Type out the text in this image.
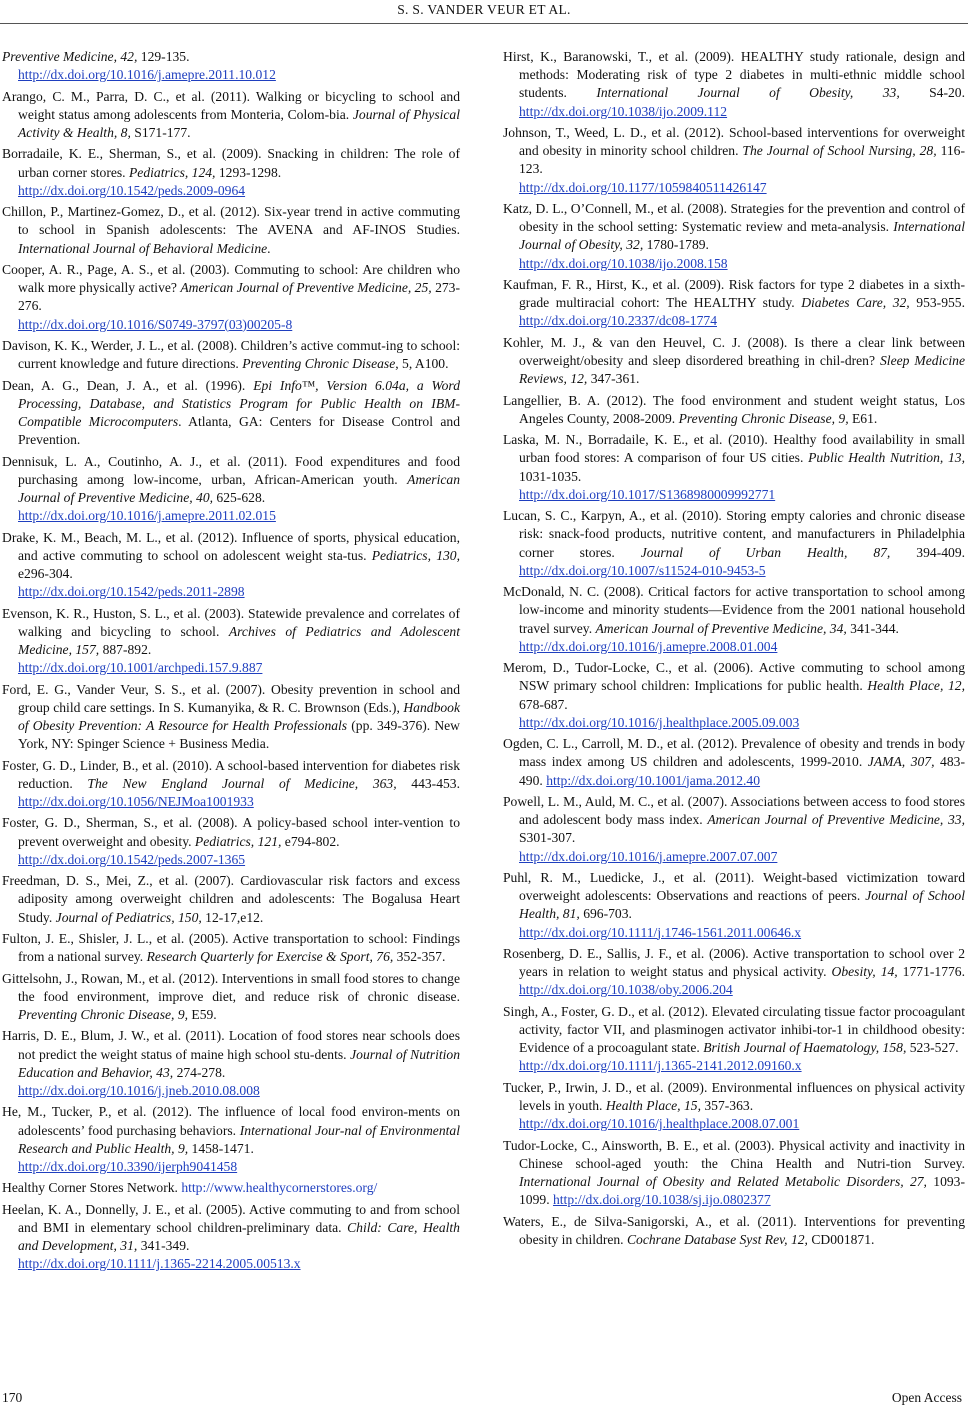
S. S. VANDER VEUR ET AL.
Preventive Medicine, 42, 129-135.
http://dx.doi.org/10.1016/j.amepre.2011.10.012
Arango, C. M., Parra, D. C., et al. (2011). Walking or bicycling to school and weight status among adolescents from Monteria, Colom-bia. Journal of Physical Activity & Health, 8, S171-177.
Borradaile, K. E., Sherman, S., et al. (2009). Snacking in children: The role of urban corner stores. Pediatrics, 124, 1293-1298.
http://dx.doi.org/10.1542/peds.2009-0964
Chillon, P., Martinez-Gomez, D., et al. (2012). Six-year trend in active commuting to school in Spanish adolescents: The AVENA and AF-INOS Studies. International Journal of Behavioral Medicine.
Cooper, A. R., Page, A. S., et al. (2003). Commuting to school: Are children who walk more physically active? American Journal of Preventive Medicine, 25, 273-276.
http://dx.doi.org/10.1016/S0749-3797(03)00205-8
Davison, K. K., Werder, J. L., et al. (2008). Children’s active commut-ing to school: current knowledge and future directions. Preventing Chronic Disease, 5, A100.
Dean, A. G., Dean, J. A., et al. (1996). Epi Info™, Version 6.04a, a Word Processing, Database, and Statistics Program for Public Health on IBM-Compatible Microcomputers. Atlanta, GA: Centers for Disease Control and Prevention.
Dennisuk, L. A., Coutinho, A. J., et al. (2011). Food expenditures and food purchasing among low-income, urban, African-American youth. American Journal of Preventive Medicine, 40, 625-628.
http://dx.doi.org/10.1016/j.amepre.2011.02.015
Drake, K. M., Beach, M. L., et al. (2012). Influence of sports, physical education, and active commuting to school on adolescent weight sta-tus. Pediatrics, 130, e296-304.
http://dx.doi.org/10.1542/peds.2011-2898
Evenson, K. R., Huston, S. L., et al. (2003). Statewide prevalence and correlates of walking and bicycling to school. Archives of Pediatrics and Adolescent Medicine, 157, 887-892.
http://dx.doi.org/10.1001/archpedi.157.9.887
Ford, E. G., Vander Veur, S. S., et al. (2007). Obesity prevention in school and group child care settings. In S. Kumanyika, & R. C. Brownson (Eds.), Handbook of Obesity Prevention: A Resource for Health Professionals (pp. 349-376). New York, NY: Spinger Science + Business Media.
Foster, G. D., Linder, B., et al. (2010). A school-based intervention for diabetes risk reduction. The New England Journal of Medicine, 363, 443-453. http://dx.doi.org/10.1056/NEJMoa1001933
Foster, G. D., Sherman, S., et al. (2008). A policy-based school inter-vention to prevent overweight and obesity. Pediatrics, 121, e794-802.
http://dx.doi.org/10.1542/peds.2007-1365
Freedman, D. S., Mei, Z., et al. (2007). Cardiovascular risk factors and excess adiposity among overweight children and adolescents: The Bogalusa Heart Study. Journal of Pediatrics, 150, 12-17,e12.
Fulton, J. E., Shisler, J. L., et al. (2005). Active transportation to school: Findings from a national survey. Research Quarterly for Exercise & Sport, 76, 352-357.
Gittelsohn, J., Rowan, M., et al. (2012). Interventions in small food stores to change the food environment, improve diet, and reduce risk of chronic disease. Preventing Chronic Disease, 9, E59.
Harris, D. E., Blum, J. W., et al. (2011). Location of food stores near schools does not predict the weight status of maine high school stu-dents. Journal of Nutrition Education and Behavior, 43, 274-278.
http://dx.doi.org/10.1016/j.jneb.2010.08.008
He, M., Tucker, P., et al. (2012). The influence of local food environ-ments on adolescents’ food purchasing behaviors. International Jour-nal of Environmental Research and Public Health, 9, 1458-1471.
http://dx.doi.org/10.3390/ijerph9041458
Healthy Corner Stores Network. http://www.healthycornerstores.org/
Heelan, K. A., Donnelly, J. E., et al. (2005). Active commuting to and from school and BMI in elementary school children-preliminary data. Child: Care, Health and Development, 31, 341-349.
http://dx.doi.org/10.1111/j.1365-2214.2005.00513.x
Hirst, K., Baranowski, T., et al. (2009). HEALTHY study rationale, design and methods: Moderating risk of type 2 diabetes in multi-ethnic middle school students. International Journal of Obesity, 33, S4-20. http://dx.doi.org/10.1038/ijo.2009.112
Johnson, T., Weed, L. D., et al. (2012). School-based interventions for overweight and obesity in minority school children. The Journal of School Nursing, 28, 116-123.
http://dx.doi.org/10.1177/1059840511426147
Katz, D. L., O’Connell, M., et al. (2008). Strategies for the prevention and control of obesity in the school setting: Systematic review and meta-analysis. International Journal of Obesity, 32, 1780-1789.
http://dx.doi.org/10.1038/ijo.2008.158
Kaufman, F. R., Hirst, K., et al. (2009). Risk factors for type 2 diabetes in a sixth-grade multiracial cohort: The HEALTHY study. Diabetes Care, 32, 953-955. http://dx.doi.org/10.2337/dc08-1774
Kohler, M. J., & van den Heuvel, C. J. (2008). Is there a clear link between overweight/obesity and sleep disordered breathing in chil-dren? Sleep Medicine Reviews, 12, 347-361.
Langellier, B. A. (2012). The food environment and student weight status, Los Angeles County, 2008-2009. Preventing Chronic Disease, 9, E61.
Laska, M. N., Borradaile, K. E., et al. (2010). Healthy food availability in small urban food stores: A comparison of four US cities. Public Health Nutrition, 13, 1031-1035.
http://dx.doi.org/10.1017/S1368980009992771
Lucan, S. C., Karpyn, A., et al. (2010). Storing empty calories and chronic disease risk: snack-food products, nutritive content, and manufacturers in Philadelphia corner stores. Journal of Urban Health, 87, 394-409. http://dx.doi.org/10.1007/s11524-010-9453-5
McDonald, N. C. (2008). Critical factors for active transportation to school among low-income and minority students—Evidence from the 2001 national household travel survey. American Journal of Preventive Medicine, 34, 341-344.
http://dx.doi.org/10.1016/j.amepre.2008.01.004
Merom, D., Tudor-Locke, C., et al. (2006). Active commuting to school among NSW primary school children: Implications for public health. Health Place, 12, 678-687.
http://dx.doi.org/10.1016/j.healthplace.2005.09.003
Ogden, C. L., Carroll, M. D., et al. (2012). Prevalence of obesity and trends in body mass index among US children and adolescents, 1999-2010. JAMA, 307, 483-490. http://dx.doi.org/10.1001/jama.2012.40
Powell, L. M., Auld, M. C., et al. (2007). Associations between access to food stores and adolescent body mass index. American Journal of Preventive Medicine, 33, S301-307.
http://dx.doi.org/10.1016/j.amepre.2007.07.007
Puhl, R. M., Luedicke, J., et al. (2011). Weight-based victimization toward overweight adolescents: Observations and reactions of peers. Journal of School Health, 81, 696-703.
http://dx.doi.org/10.1111/j.1746-1561.2011.00646.x
Rosenberg, D. E., Sallis, J. F., et al. (2006). Active transportation to school over 2 years in relation to weight status and physical activity. Obesity, 14, 1771-1776. http://dx.doi.org/10.1038/oby.2006.204
Singh, A., Foster, G. D., et al. (2012). Elevated circulating tissue factor procoagulant activity, factor VII, and plasminogen activator inhibi-tor-1 in childhood obesity: Evidence of a procoagulant state. British Journal of Haematology, 158, 523-527.
http://dx.doi.org/10.1111/j.1365-2141.2012.09160.x
Tucker, P., Irwin, J. D., et al. (2009). Environmental influences on physical activity levels in youth. Health Place, 15, 357-363.
http://dx.doi.org/10.1016/j.healthplace.2008.07.001
Tudor-Locke, C., Ainsworth, B. E., et al. (2003). Physical activity and inactivity in Chinese school-aged youth: the China Health and Nutri-tion Survey. International Journal of Obesity and Related Metabolic Disorders, 27, 1093-1099. http://dx.doi.org/10.1038/sj.ijo.0802377
Waters, E., de Silva-Sanigorski, A., et al. (2011). Interventions for preventing obesity in children. Cochrane Database Syst Rev, 12, CD001871.
170	Open Access
